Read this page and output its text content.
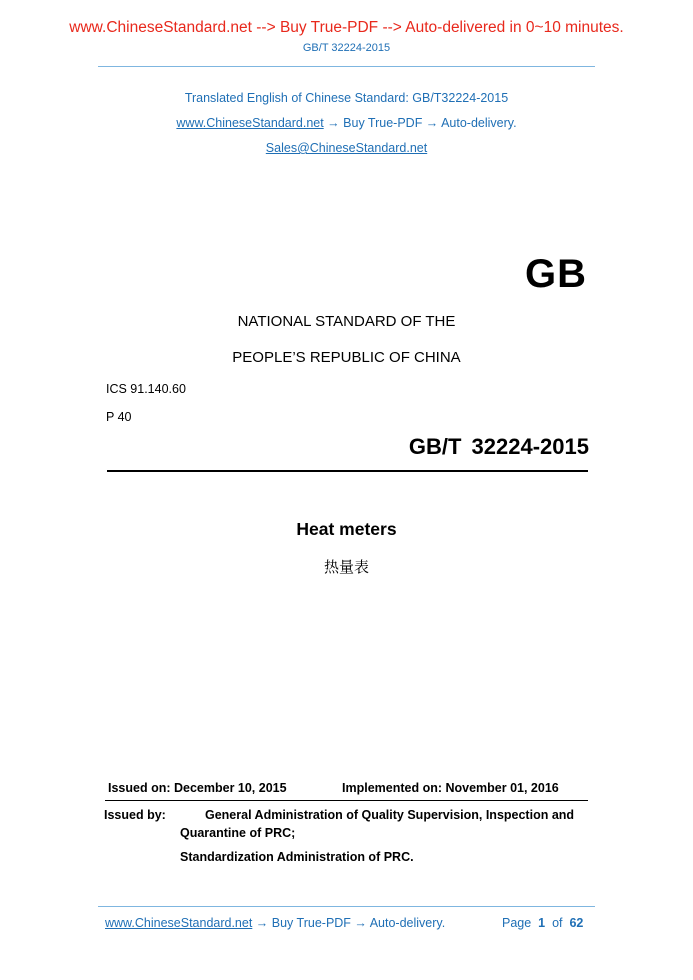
www.ChineseStandard.net --> Buy True-PDF --> Auto-delivered in 0~10 minutes.
GB/T 32224-2015
Translated English of Chinese Standard: GB/T32224-2015
www.ChineseStandard.net → Buy True-PDF → Auto-delivery.
Sales@ChineseStandard.net
GB
NATIONAL STANDARD OF THE
PEOPLE’S REPUBLIC OF CHINA
ICS 91.140.60
P 40
GB/T 32224-2015
Heat meters
热量表
Issued on: December 10, 2015	Implemented on: November 01, 2016
Issued by:	General Administration of Quality Supervision, Inspection and
Quarantine of PRC;
Standardization Administration of PRC.
www.ChineseStandard.net → Buy True-PDF → Auto-delivery.	Page 1 of 62
